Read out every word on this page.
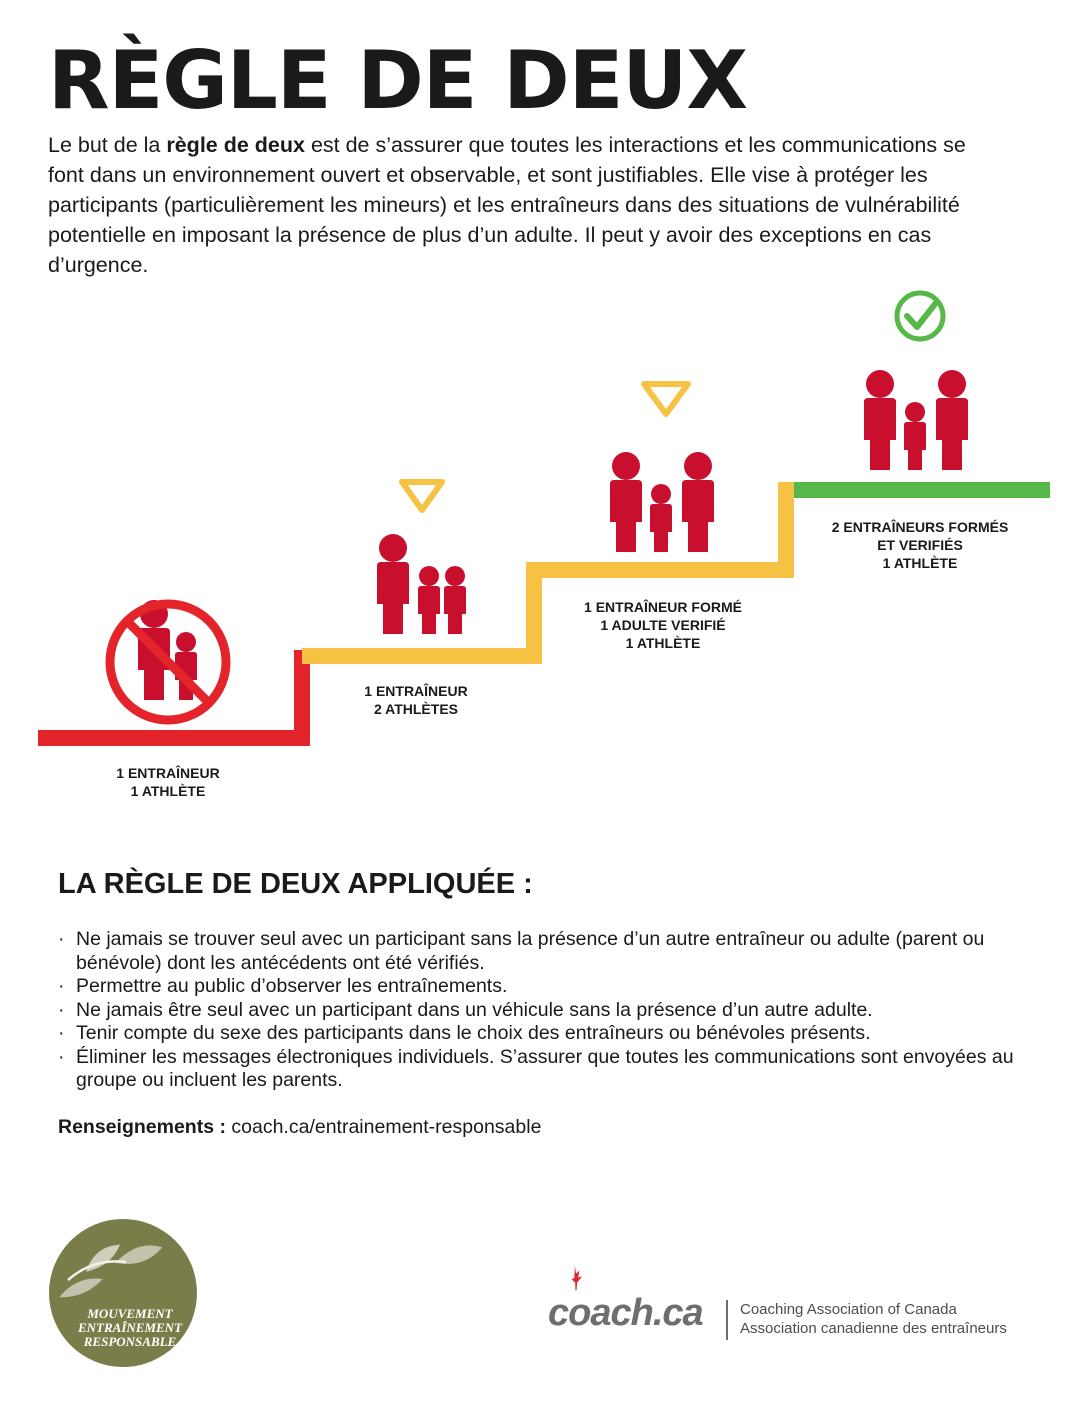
RÈGLE DE DEUX
Le but de la règle de deux est de s’assurer que toutes les interactions et les communications se font dans un environnement ouvert et observable, et sont justifiables. Elle vise à protéger les participants (particulièrement les mineurs) et les entraîneurs dans des situations de vulnérabilité potentielle en imposant la présence de plus d’un adulte. Il peut y avoir des exceptions en cas d’urgence.
1 ENTRAÎNEUR
1 ATHLÈTE
1 ENTRAÎNEUR
2 ATHLÈTES
1 ENTRAÎNEUR FORMÉ
1 ADULTE VERIFIÉ
1 ATHLÈTE
2 ENTRAÎNEURS FORMÉS
ET VERIFIÉS
1 ATHLÈTE
LA RÈGLE DE DEUX APPLIQUÉE :
· Ne jamais se trouver seul avec un participant sans la présence d’un autre entraîneur ou adulte (parent ou bénévole) dont les antécédents ont été vérifiés.
· Permettre au public d’observer les entraînements.
· Ne jamais être seul avec un participant dans un véhicule sans la présence d’un autre adulte.
· Tenir compte du sexe des participants dans le choix des entraîneurs ou bénévoles présents.
· Éliminer les messages électroniques individuels. S’assurer que toutes les communications sont envoyées au groupe ou incluent les parents.
Renseignements : coach.ca/entrainement-responsable
MOUVEMENT
ENTRAÎNEMENT
RESPONSABLE
coach.ca Coaching Association of Canada
Association canadienne des entraîneurs
